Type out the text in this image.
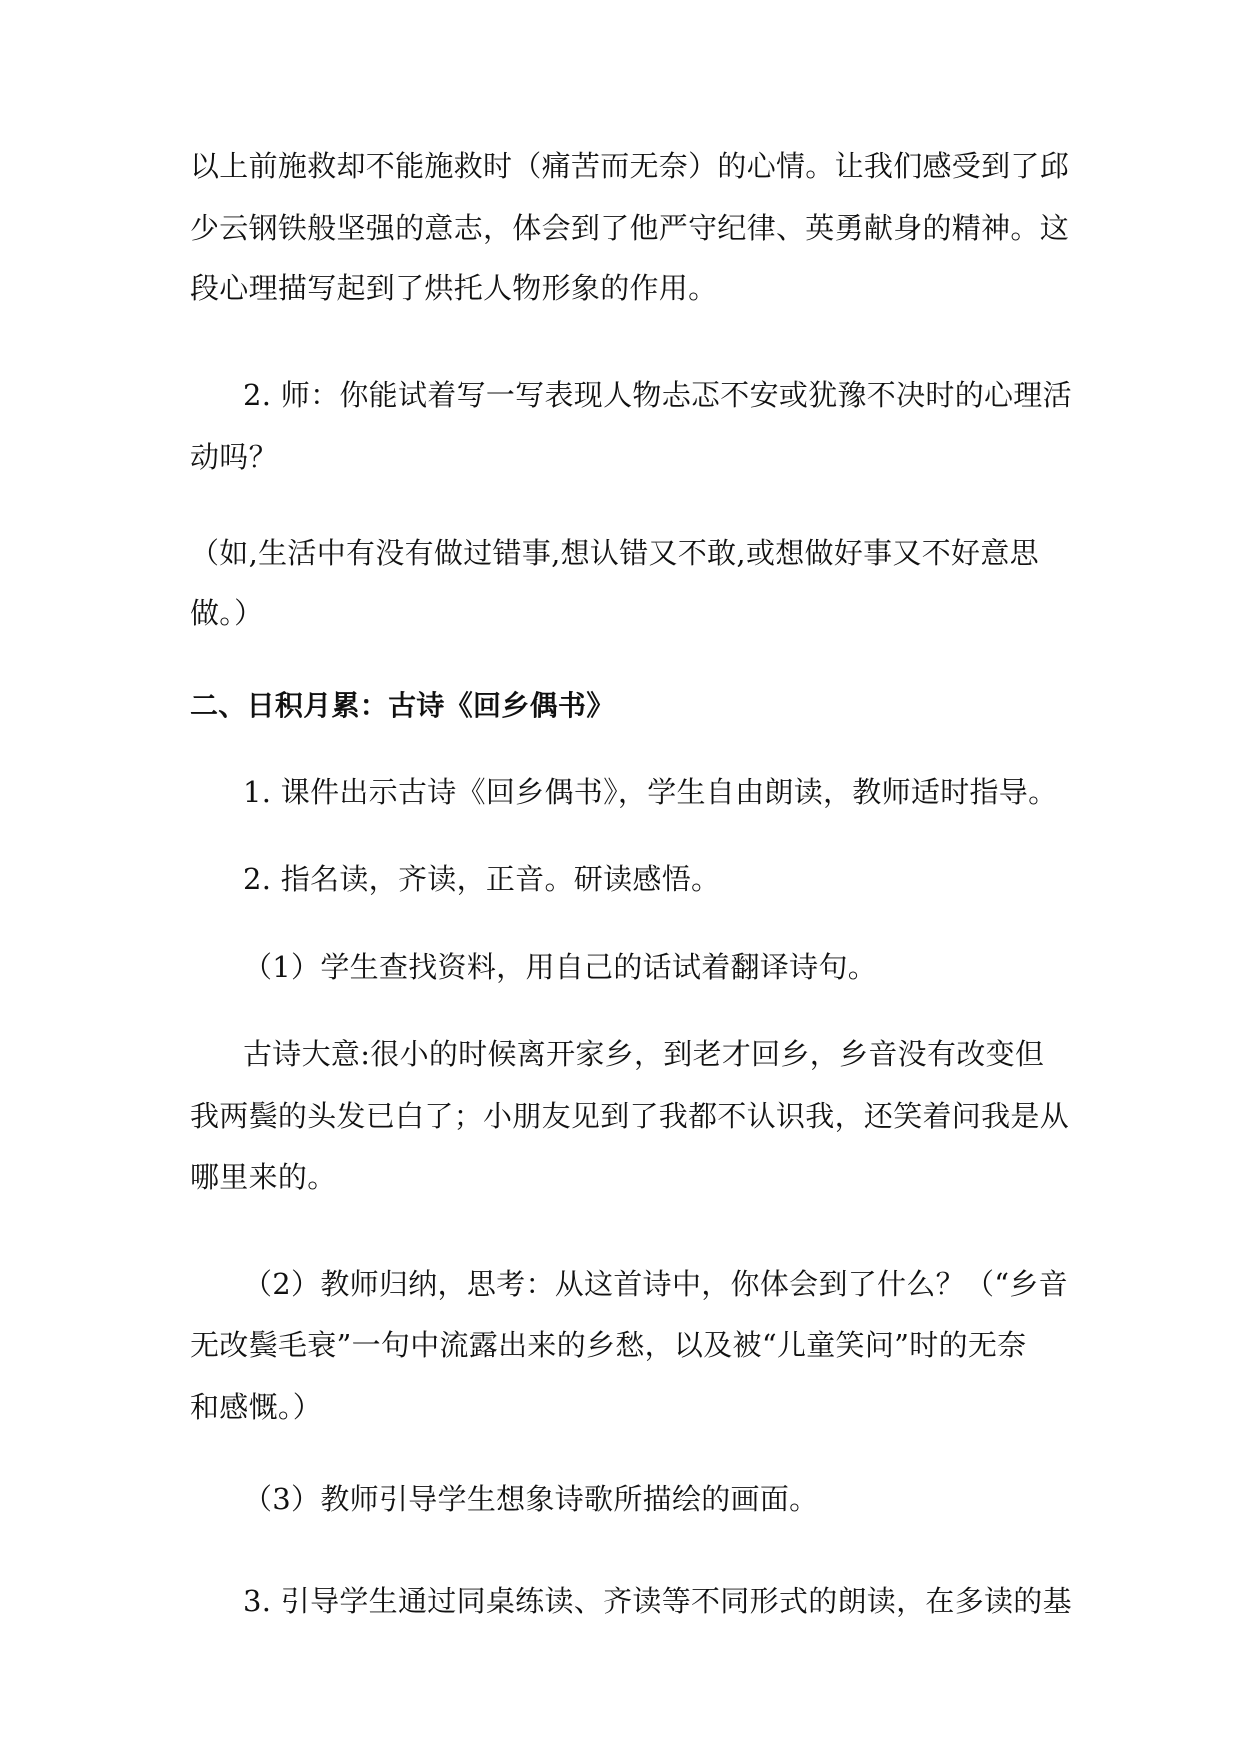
以上前施救却不能施救时（痛苦而无奈）的心情。让我们感受到了邱
少云钢铁般坚强的意志，体会到了他严守纪律、英勇献身的精神。这
段心理描写起到了烘托人物形象的作用。
2. 师：你能试着写一写表现人物忐忑不安或犹豫不决时的心理活
动吗？
（如,生活中有没有做过错事,想认错又不敢,或想做好事又不好意思
做。）
二、日积月累：古诗《回乡偶书》
1. 课件出示古诗《回乡偶书》，学生自由朗读，教师适时指导。
2. 指名读，齐读，正音。研读感悟。
（1）学生查找资料，用自己的话试着翻译诗句。
古诗大意:很小的时候离开家乡，到老才回乡，乡音没有改变但
我两鬓的头发已白了；小朋友见到了我都不认识我，还笑着问我是从
哪里来的。
（2）教师归纳，思考：从这首诗中，你体会到了什么？（“乡音
无改鬓毛衰”一句中流露出来的乡愁，以及被“儿童笑问”时的无奈
和感慨。）
（3）教师引导学生想象诗歌所描绘的画面。
3. 引导学生通过同桌练读、齐读等不同形式的朗读，在多读的基
